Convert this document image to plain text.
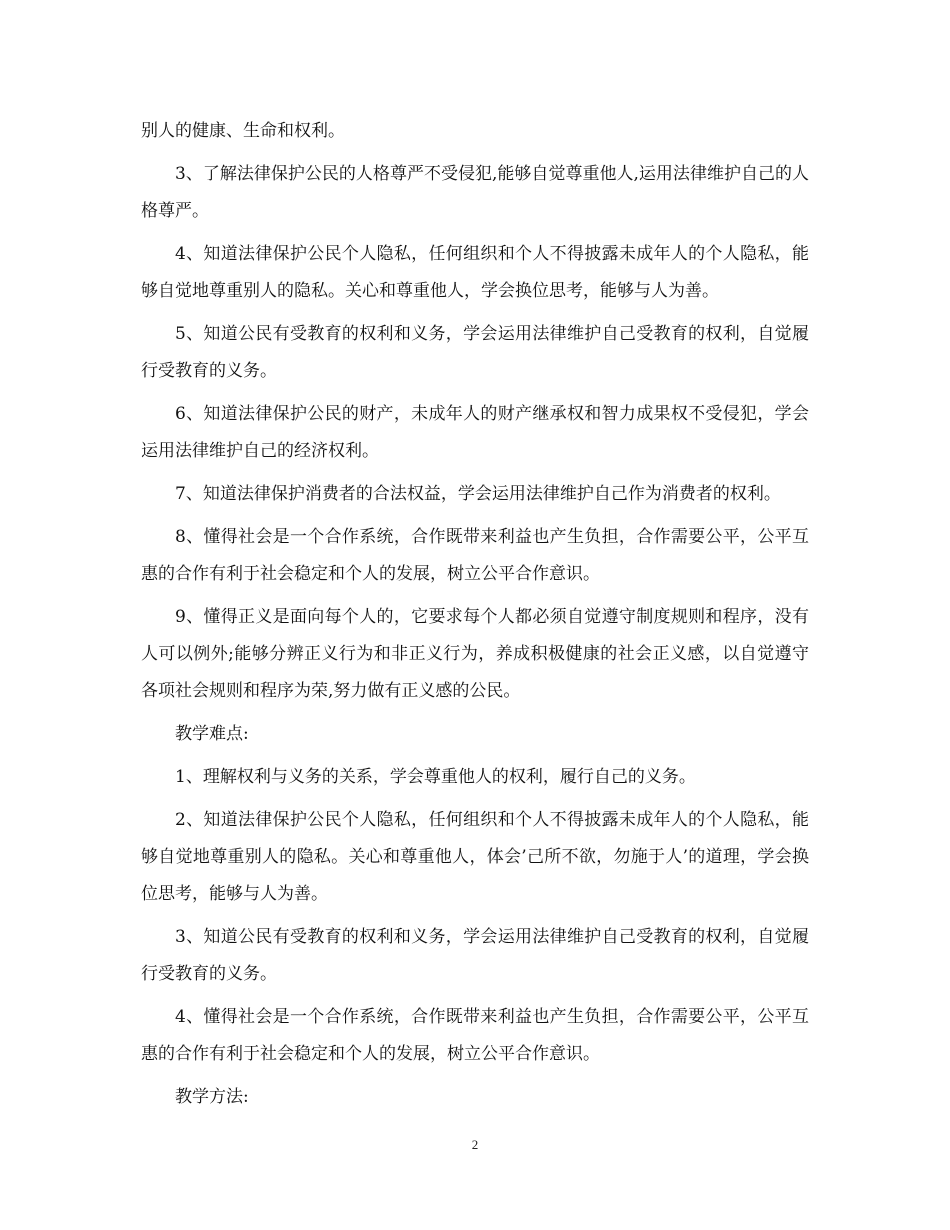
别人的健康、生命和权利。

3、了解法律保护公民的人格尊严不受侵犯,能够自觉尊重他人,运用法律维护自己的人格尊严。

4、知道法律保护公民个人隐私，任何组织和个人不得披露未成年人的个人隐私，能够自觉地尊重别人的隐私。关心和尊重他人，学会换位思考，能够与人为善。

5、知道公民有受教育的权利和义务，学会运用法律维护自己受教育的权利，自觉履行受教育的义务。

6、知道法律保护公民的财产，未成年人的财产继承权和智力成果权不受侵犯，学会运用法律维护自己的经济权利。

7、知道法律保护消费者的合法权益，学会运用法律维护自己作为消费者的权利。

8、懂得社会是一个合作系统，合作既带来利益也产生负担，合作需要公平，公平互惠的合作有利于社会稳定和个人的发展，树立公平合作意识。

9、懂得正义是面向每个人的，它要求每个人都必须自觉遵守制度规则和程序，没有人可以例外;能够分辨正义行为和非正义行为，养成积极健康的社会正义感，以自觉遵守各项社会规则和程序为荣,努力做有正义感的公民。

教学难点:

1、理解权利与义务的关系，学会尊重他人的权利，履行自己的义务。

2、知道法律保护公民个人隐私，任何组织和个人不得披露未成年人的个人隐私，能够自觉地尊重别人的隐私。关心和尊重他人，体会’己所不欲，勿施于人’的道理，学会换位思考，能够与人为善。

3、知道公民有受教育的权利和义务，学会运用法律维护自己受教育的权利，自觉履行受教育的义务。

4、懂得社会是一个合作系统，合作既带来利益也产生负担，合作需要公平，公平互惠的合作有利于社会稳定和个人的发展，树立公平合作意识。

教学方法:

2
